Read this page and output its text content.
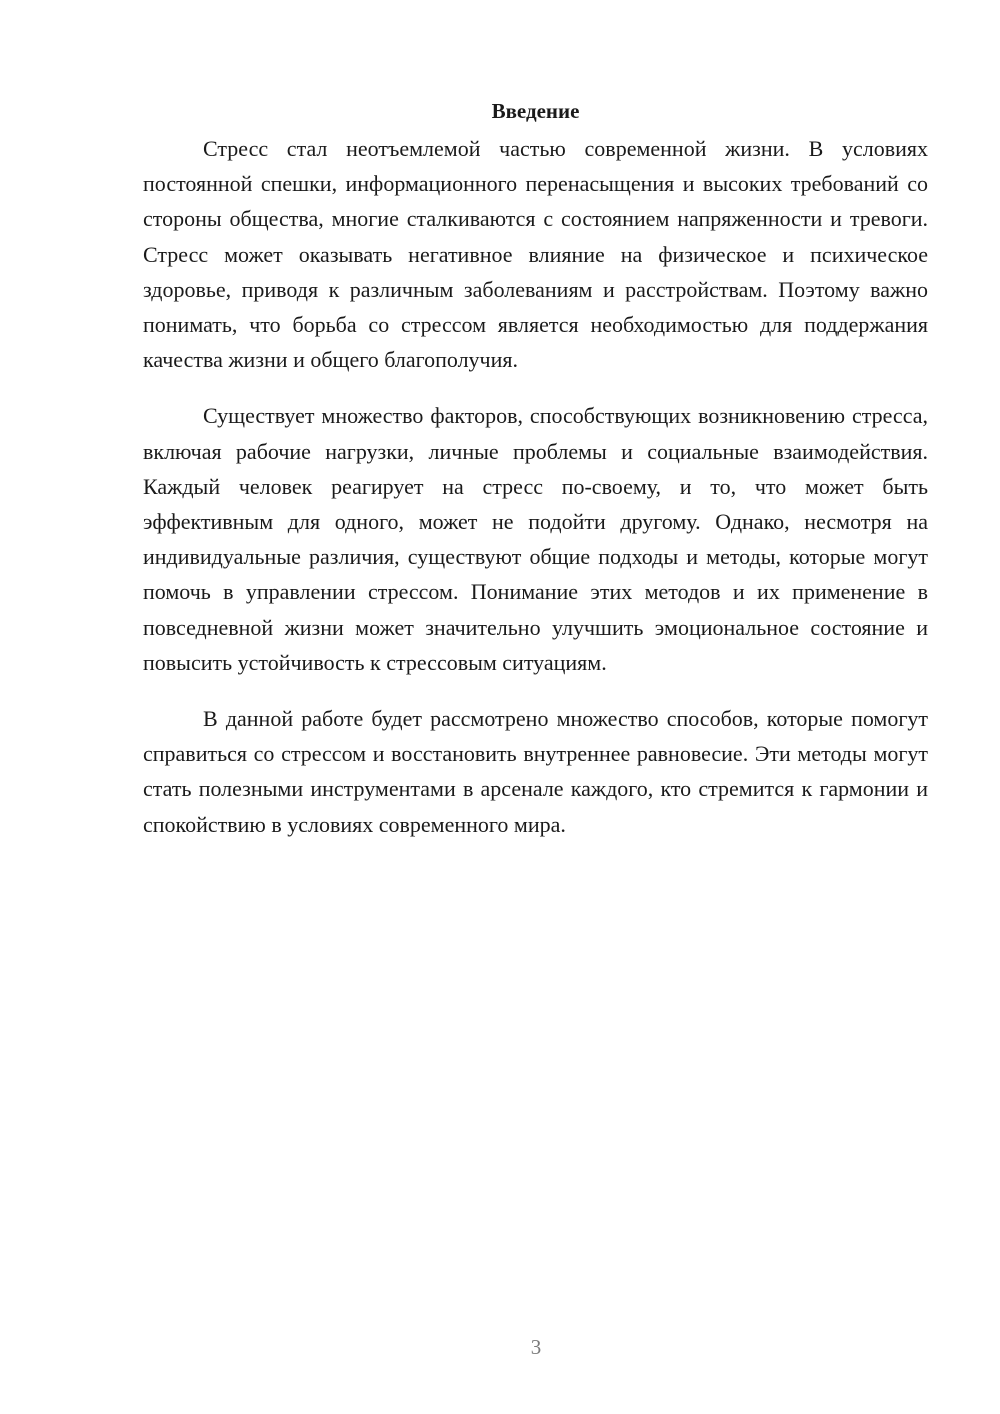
Введение

Стресс стал неотъемлемой частью современной жизни. В условиях постоянной спешки, информационного перенасыщения и высоких требований со стороны общества, многие сталкиваются с состоянием напряженности и тревоги. Стресс может оказывать негативное влияние на физическое и психическое здоровье, приводя к различным заболеваниям и расстройствам. Поэтому важно понимать, что борьба со стрессом является необходимостью для поддержания качества жизни и общего благополучия.

Существует множество факторов, способствующих возникновению стресса, включая рабочие нагрузки, личные проблемы и социальные взаимодействия. Каждый человек реагирует на стресс по-своему, и то, что может быть эффективным для одного, может не подойти другому. Однако, несмотря на индивидуальные различия, существуют общие подходы и методы, которые могут помочь в управлении стрессом. Понимание этих методов и их применение в повседневной жизни может значительно улучшить эмоциональное состояние и повысить устойчивость к стрессовым ситуациям.

В данной работе будет рассмотрено множество способов, которые помогут справиться со стрессом и восстановить внутреннее равновесие. Эти методы могут стать полезными инструментами в арсенале каждого, кто стремится к гармонии и спокойствию в условиях современного мира.

3
